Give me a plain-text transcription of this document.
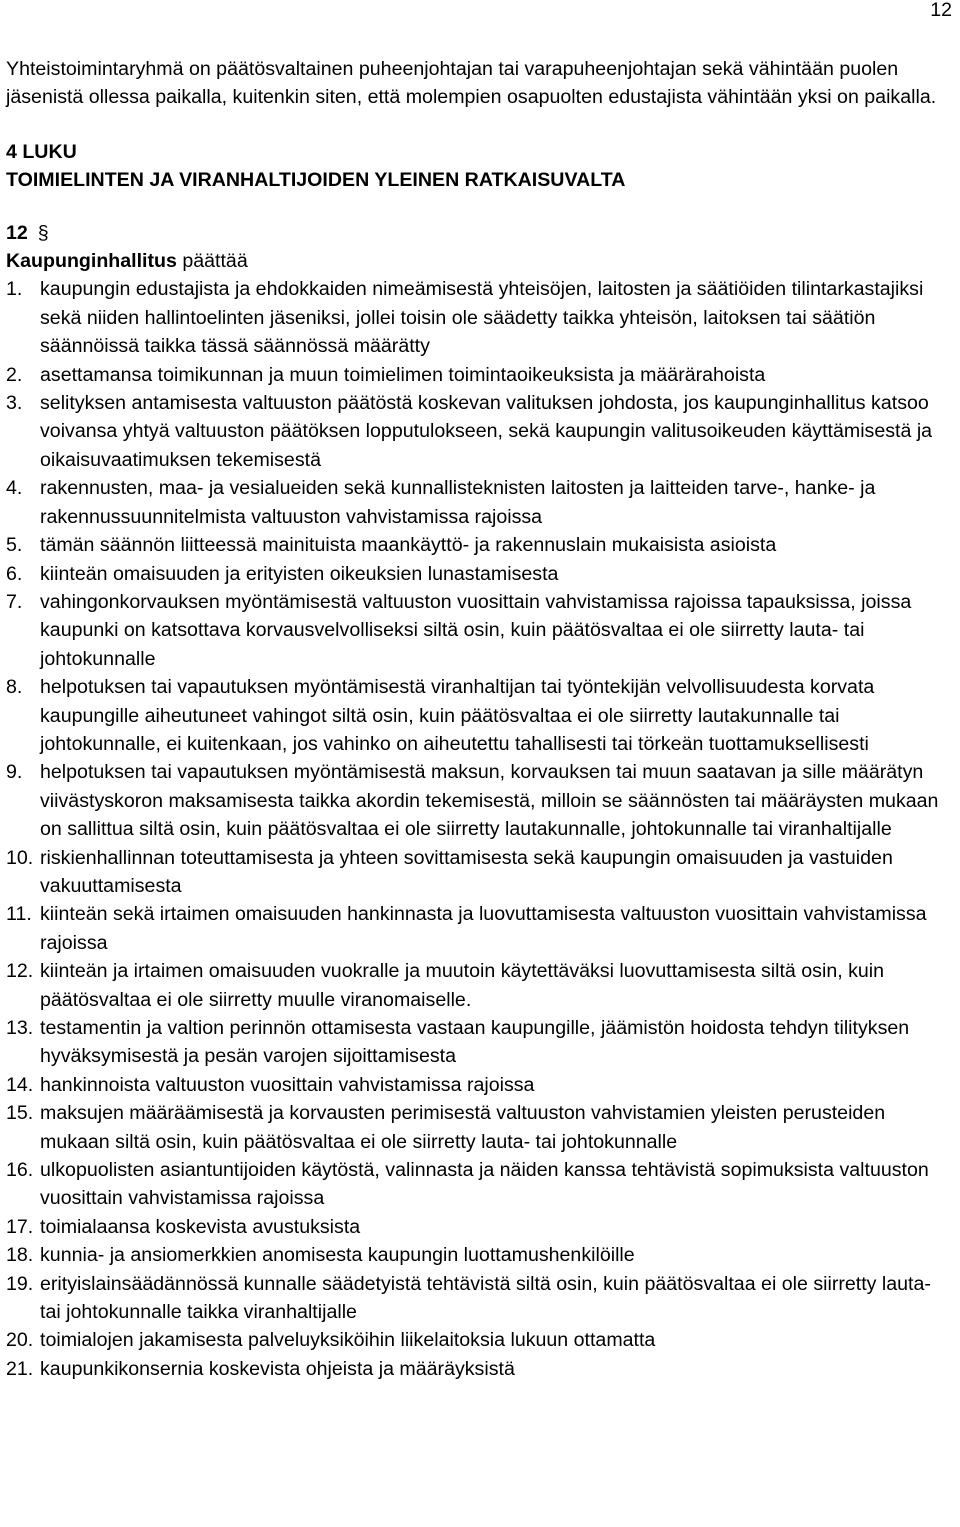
12

Yhteistoimintaryhmä on päätösvaltainen puheenjohtajan tai varapuheenjohtajan sekä vähintään puolen jäsenistä ollessa paikalla, kuitenkin siten, että molempien osapuolten edustajista vähintään yksi on paikalla.

4 LUKU

TOIMIELINTEN JA VIRANHALTIJOIDEN YLEINEN RATKAISUVALTA

12 §

Kaupunginhallitus päättää

1. kaupungin edustajista ja ehdokkaiden nimeämisestä yhteisöjen, laitosten ja säätiöiden tilintarkastajiksi sekä niiden hallintoelinten jäseniksi, jollei toisin ole säädetty taikka yhteisön, laitoksen tai säätiön säännöissä taikka tässä säännössä määrätty
2. asettamansa toimikunnan ja muun toimielimen toimintaoikeuksista ja määrärahoista
3. selityksen antamisesta valtuuston päätöstä koskevan valituksen johdosta, jos kaupunginhallitus katsoo voivansa yhtyä valtuuston päätöksen lopputulokseen, sekä kaupungin valitusoikeuden käyttämisestä ja oikaisuvaatimuksen tekemisestä
4. rakennusten, maa- ja vesialueiden sekä kunnallisteknisten laitosten ja laitteiden tarve-, hanke- ja rakennussuunnitelmista valtuuston vahvistamissa rajoissa
5. tämän säännön liitteessä mainituista maankäyttö- ja rakennuslain mukaisista asioista
6. kiinteän omaisuuden ja erityisten oikeuksien lunastamisesta
7. vahingonkorvauksen myöntämisestä valtuuston vuosittain vahvistamissa rajoissa tapauksissa, joissa kaupunki on katsottava korvausvelvolliseksi siltä osin, kuin päätösvaltaa ei ole siirretty lauta- tai johtokunnalle
8. helpotuksen tai vapautuksen myöntämisestä viranhaltijan tai työntekijän velvollisuudesta korvata kaupungille aiheutuneet vahingot siltä osin, kuin päätösvaltaa ei ole siirretty lautakunnalle tai johtokunnalle, ei kuitenkaan, jos vahinko on aiheutettu tahallisesti tai törkeän tuottamuksellisesti
9. helpotuksen tai vapautuksen myöntämisestä maksun, korvauksen tai muun saatavan ja sille määrätyn viivästyskoron maksamisesta taikka akordin tekemisestä, milloin se säännösten tai määräysten mukaan on sallittua siltä osin, kuin päätösvaltaa ei ole siirretty lautakunnalle, johtokunnalle tai viranhaltijalle
10. riskienhallinnan toteuttamisesta ja yhteen sovittamisesta sekä kaupungin omaisuuden ja vastuiden vakuuttamisesta
11. kiinteän sekä irtaimen omaisuuden hankinnasta ja luovuttamisesta valtuuston vuosittain vahvistamissa rajoissa
12. kiinteän ja irtaimen omaisuuden vuokralle ja muutoin käytettäväksi luovuttamisesta siltä osin, kuin päätösvaltaa ei ole siirretty muulle viranomaiselle.
13. testamentin ja valtion perinnön ottamisesta vastaan kaupungille, jäämistön hoidosta tehdyn tilityksen hyväksymisestä ja pesän varojen sijoittamisesta
14. hankinnoista valtuuston vuosittain vahvistamissa rajoissa
15. maksujen määräämisestä ja korvausten perimisestä valtuuston vahvistamien yleisten perusteiden mukaan siltä osin, kuin päätösvaltaa ei ole siirretty lauta- tai johtokunnalle
16. ulkopuolisten asiantuntijoiden käytöstä, valinnasta ja näiden kanssa tehtävistä sopimuksista valtuuston vuosittain vahvistamissa rajoissa
17. toimialaansa koskevista avustuksista
18. kunnia- ja ansiomerkkien anomisesta kaupungin luottamushenkilöille
19. erityislainsäädännössä kunnalle säädetyistä tehtävistä siltä osin, kuin päätösvaltaa ei ole siirretty lauta- tai johtokunnalle taikka viranhaltijalle
20. toimialojen jakamisesta palveluyksiköihin liikelaitoksia lukuun ottamatta
21. kaupunkikonsernia koskevista ohjeista ja määräyksistä
